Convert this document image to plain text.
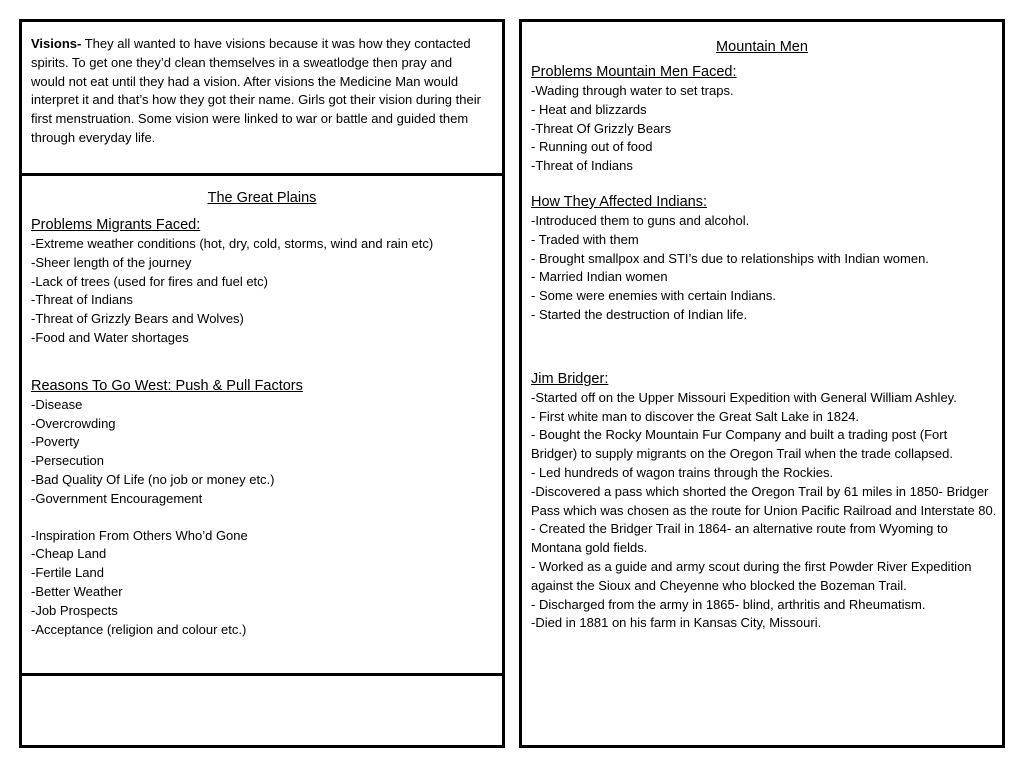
Visions- They all wanted to have visions because it was how they contacted spirits. To get one they’d clean themselves in a sweatlodge then pray and would not eat until they had a vision. After visions the Medicine Man would interpret it and that’s how they got their name. Girls got their vision during their first menstruation. Some vision were linked to war or battle and guided them through everyday life.
The Great Plains
Problems Migrants Faced:
-Extreme weather conditions (hot, dry, cold, storms, wind and rain etc)
-Sheer length of the journey
-Lack of trees (used for fires and fuel etc)
-Threat of Indians
-Threat of Grizzly Bears and Wolves)
-Food and Water shortages
Reasons To Go West: Push & Pull Factors
-Disease
-Overcrowding
-Poverty
-Persecution
-Bad Quality Of Life (no job or money etc.)
-Government Encouragement
-Inspiration From Others Who’d Gone
-Cheap Land
-Fertile Land
-Better Weather
-Job Prospects
-Acceptance (religion and colour etc.)
Mountain Men
Problems Mountain Men Faced:
-Wading through water to set traps.
- Heat and blizzards
-Threat Of Grizzly Bears
- Running out of food
-Threat of Indians
How They Affected Indians:
-Introduced them to guns and alcohol.
- Traded with them
- Brought smallpox and STI’s due to relationships with Indian women.
- Married Indian women
- Some were enemies with certain Indians.
- Started the destruction of Indian life.
Jim Bridger:
-Started off on the Upper Missouri Expedition with General William Ashley.
- First white man to discover the Great Salt Lake in 1824.
- Bought the Rocky Mountain Fur Company and built a trading post (Fort Bridger) to supply migrants on the Oregon Trail when the trade collapsed.
- Led hundreds of wagon trains through the Rockies.
-Discovered a pass which shorted the Oregon Trail by 61 miles in 1850- Bridger Pass which was chosen as the route for Union Pacific Railroad and Interstate 80.
- Created the Bridger Trail in 1864- an alternative route from Wyoming to Montana gold fields.
- Worked as a guide and army scout during the first Powder River Expedition against the Sioux and Cheyenne who blocked the Bozeman Trail.
- Discharged from the army in 1865- blind, arthritis and Rheumatism.
-Died in 1881 on his farm in Kansas City, Missouri.
